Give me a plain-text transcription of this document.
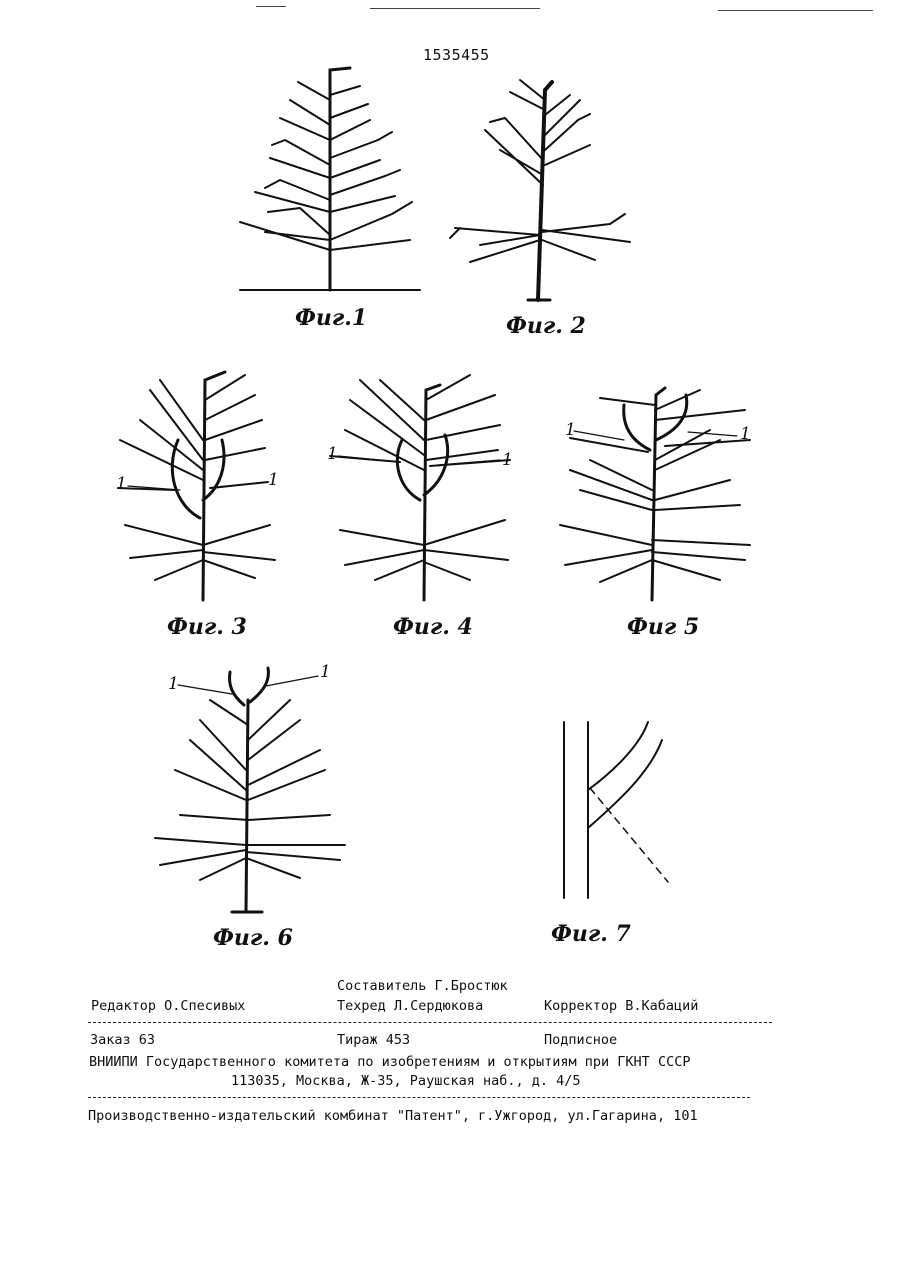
1535455
Фиг.1	Фиг. 2
Фиг. 3	Фиг. 4	Фиг 5
Фиг. 6	Фиг. 7
1	1
1	1
1	1
1
1
Составитель Г.Бростюк
Редактор О.Спесивых	Техред Л.Сердюкова	Корректор В.Кабаций
Заказ 63	Тираж 453	Подписное
ВНИИПИ Государственного комитета по изобретениям и открытиям при ГКНТ СССР
113035, Москва, Ж-35, Раушская наб., д. 4/5
Производственно-издательский комбинат "Патент", г.Ужгород, ул.Гагарина, 101
